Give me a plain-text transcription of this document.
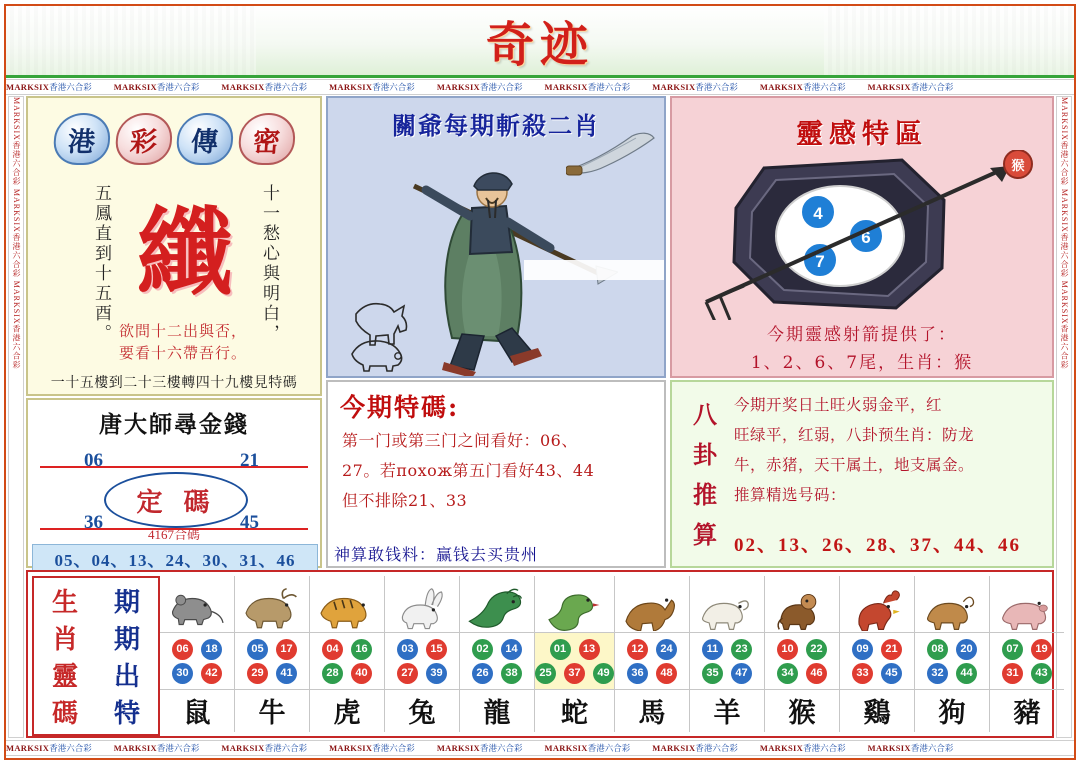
奇迹
MARKSIX香港六合彩	MARKSIX香港六合彩	MARKSIX香港六合彩	MARKSIX香港六合彩	MARKSIX香港六合彩	MARKSIX香港六合彩	MARKSIX香港六合彩	MARKSIX香港六合彩	MARKSIX香港六合彩
MARKSIX香港六合彩	MARKSIX香港六合彩	MARKSIX香港六合彩	MARKSIX香港六合彩	MARKSIX香港六合彩	MARKSIX香港六合彩	MARKSIX香港六合彩	MARKSIX香港六合彩	MARKSIX香港六合彩
MARKSIX香港六合彩 MARKSIX香港六合彩 MARKSIX香港六合彩	MARKSIX香港六合彩 MARKSIX香港六合彩 MARKSIX香港六合彩
港	彩	傳	密
五鳳直到十五酉。 纖	十一愁心與明白，
欲問十二出與否，
要看十六帶吾行。
一十五樓到二十三樓轉四十九樓見特碼
唐大師尋金錢
06	21
36	45
定 碼
4167合碼
05、04、13、24、30、31、46
關爺每期斬殺二肖
今期特碼:
第一门或第三门之间看好：06、
27。若похож第五门看好43、44
但不排除21、33
神算敢钱料：赢钱去买贵州
靈感特區
4
6
7
猴
今期靈感射箭提供了：
1、2、6、7尾，生肖：猴
八
卦
推
算
今期开奖日土旺火弱金平，红
旺绿平，红弱，八卦预生肖：防龙
牛，赤猪，天干属土，地支属金。
推算精选号码：
02、13、26、28、37、44、46
生
肖
靈
碼
期
期
出
特
06	18
30	42
鼠
05	17
29	41
牛
04	16
28	40
虎
03	15
27	39
兔
02	14
26	38
龍
01	13
25	37	49
蛇
12	24
36	48
馬
11	23
35	47
羊
10	22
34	46
猴
09	21
33	45
鷄
08	20
32	44
狗
07	19
31	43
豬
